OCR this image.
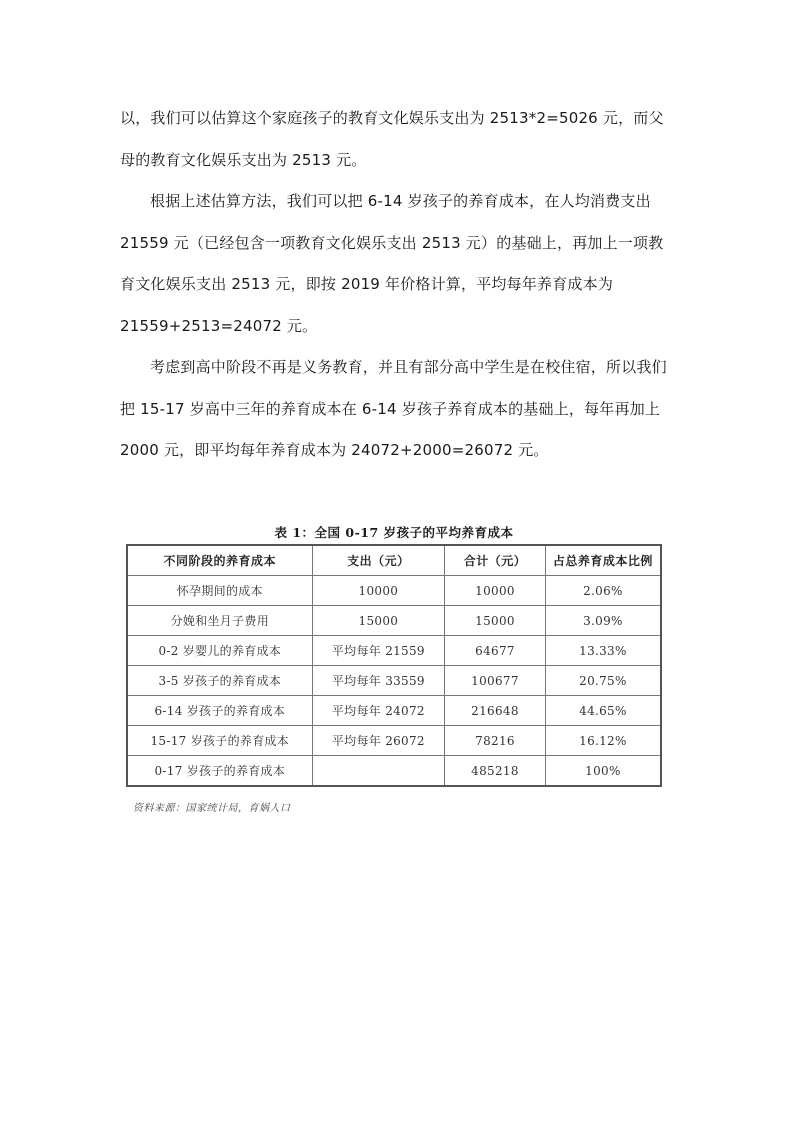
以，我们可以估算这个家庭孩子的教育文化娱乐支出为 2513*2=5026 元，而父母的教育文化娱乐支出为 2513 元。

根据上述估算方法，我们可以把 6-14 岁孩子的养育成本，在人均消费支出 21559 元（已经包含一项教育文化娱乐支出 2513 元）的基础上，再加上一项教育文化娱乐支出 2513 元，即按 2019 年价格计算，平均每年养育成本为 21559+2513=24072 元。

考虑到高中阶段不再是义务教育，并且有部分高中学生是在校住宿，所以我们把 15-17 岁高中三年的养育成本在 6-14 岁孩子养育成本的基础上，每年再加上 2000 元，即平均每年养育成本为 24072+2000=26072 元。

表 1：全国 0-17 岁孩子的平均养育成本
不同阶段的养育成本	支出（元）	合计（元）	占总养育成本比例
怀孕期间的成本	10000	10000	2.06%
分娩和坐月子费用	15000	15000	3.09%
0-2 岁婴儿的养育成本	平均每年 21559	64677	13.33%
3-5 岁孩子的养育成本	平均每年 33559	100677	20.75%
6-14 岁孩子的养育成本	平均每年 24072	216648	44.65%
15-17 岁孩子的养育成本	平均每年 26072	78216	16.12%
0-17 岁孩子的养育成本		485218	100%
资料来源：国家统计局，育娲人口
